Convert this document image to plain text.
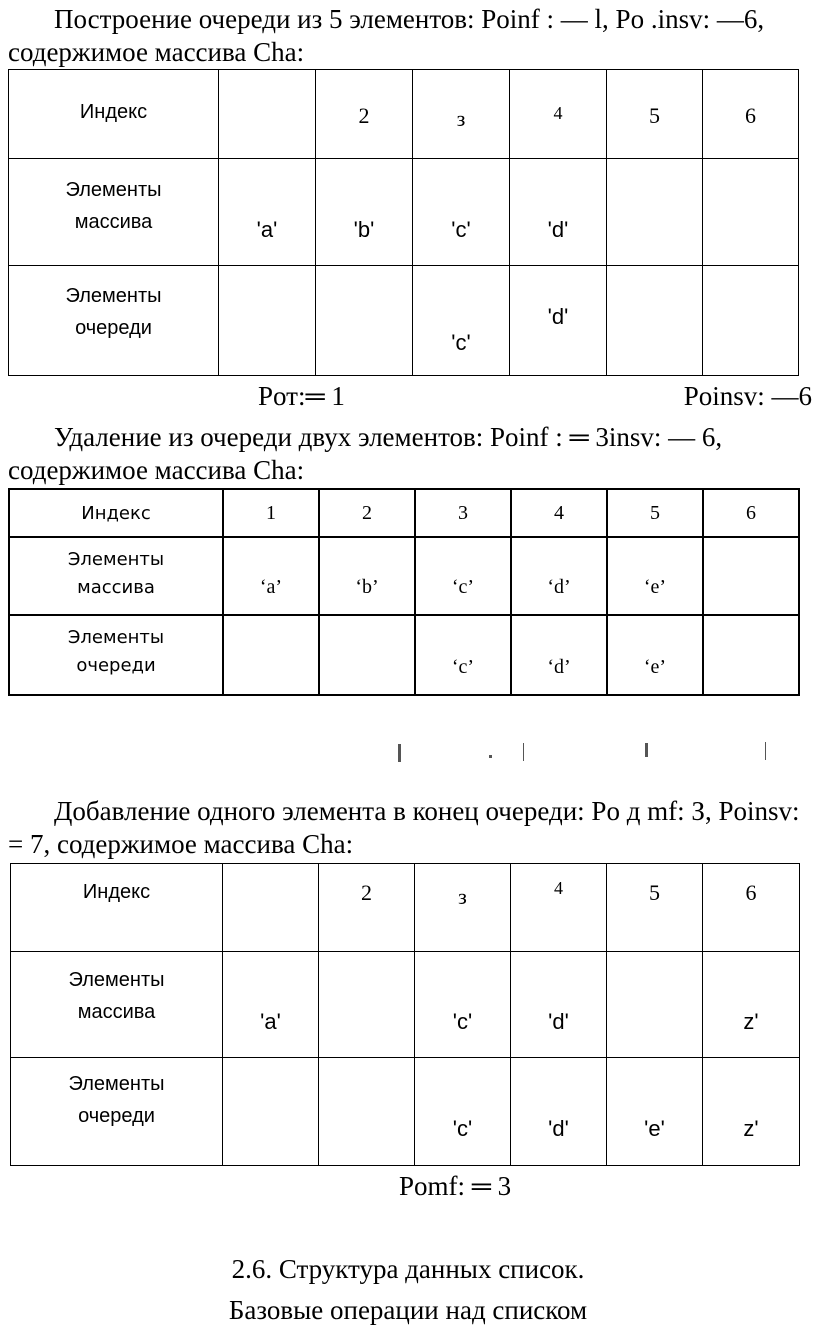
Построение очереди из 5 элементов: Poinf : — l, Po .insv: —6, содержимое массива Cha:

Индекс		2	з	4	5	6

Элементы
массива	'a'	'b'	'c'	'd'		

Элементы
очереди			'c'	'd'		

Pот:═ 1	Poinsv: —6

Удаление из очереди двух элементов: Poinf : ═ 3insv: — 6, содержимое массива Cha:

Индекс	1	2	3	4	5	6

Элементы
массива	‘a’	‘b’	‘c’	‘d’	‘e’	

Элементы
очереди			‘c’	‘d’	‘e’	

Добавление одного элемента в конец очереди: Po д mf: З, Poinsv: = 7, содержимое массива Cha:

Индекс		2	з	4	5	6

Элементы
массива	'a'		'c'	'd'		z'

Элементы
очереди			'c'	'd'	'e'	z'
Pomf: ═ 3
2.6. Структура данных список.
Базовые операции над списком
